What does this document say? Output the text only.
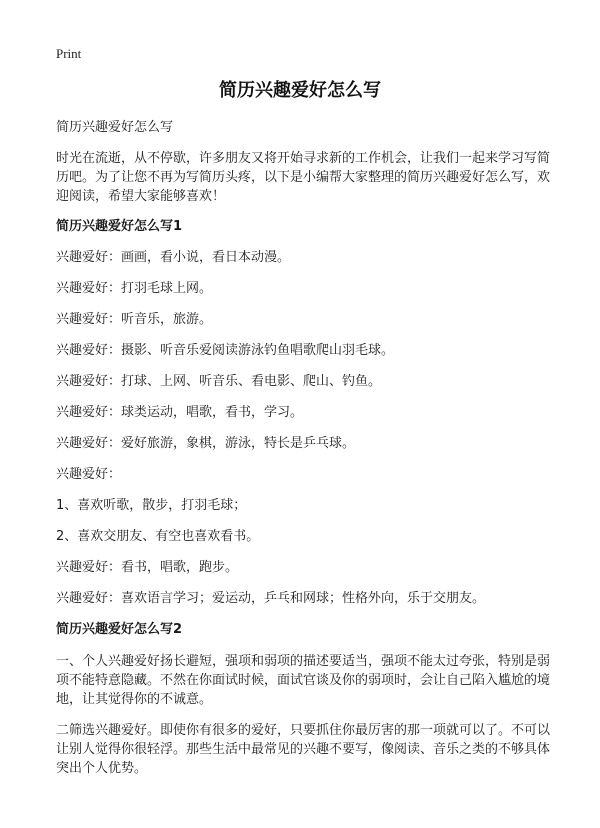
Print
简历兴趣爱好怎么写

简历兴趣爱好怎么写

时光在流逝，从不停歇，许多朋友又将开始寻求新的工作机会，让我们一起来学习写简历吧。为了让您不再为写简历头疼，以下是小编帮大家整理的简历兴趣爱好怎么写，欢迎阅读，希望大家能够喜欢！

简历兴趣爱好怎么写1

兴趣爱好：画画，看小说，看日本动漫。

兴趣爱好：打羽毛球上网。

兴趣爱好：听音乐，旅游。

兴趣爱好：摄影、听音乐爱阅读游泳钓鱼唱歌爬山羽毛球。

兴趣爱好：打球、上网、听音乐、看电影、爬山、钓鱼。

兴趣爱好：球类运动，唱歌，看书，学习。

兴趣爱好：爱好旅游，象棋，游泳，特长是乒乓球。

兴趣爱好：

1、喜欢听歌，散步，打羽毛球；

2、喜欢交朋友、有空也喜欢看书。

兴趣爱好：看书，唱歌，跑步。

兴趣爱好：喜欢语言学习；爱运动，乒乓和网球；性格外向，乐于交朋友。

简历兴趣爱好怎么写2

一、个人兴趣爱好扬长避短，强项和弱项的描述要适当，强项不能太过夸张，特别是弱项不能特意隐藏。不然在你面试时候，面试官谈及你的弱项时，会让自己陷入尴尬的境地，让其觉得你的不诚意。

二筛选兴趣爱好。即使你有很多的爱好，只要抓住你最厉害的那一项就可以了。不可以让别人觉得你很轻浮。那些生活中最常见的兴趣不要写，像阅读、音乐之类的不够具体突出个人优势。
